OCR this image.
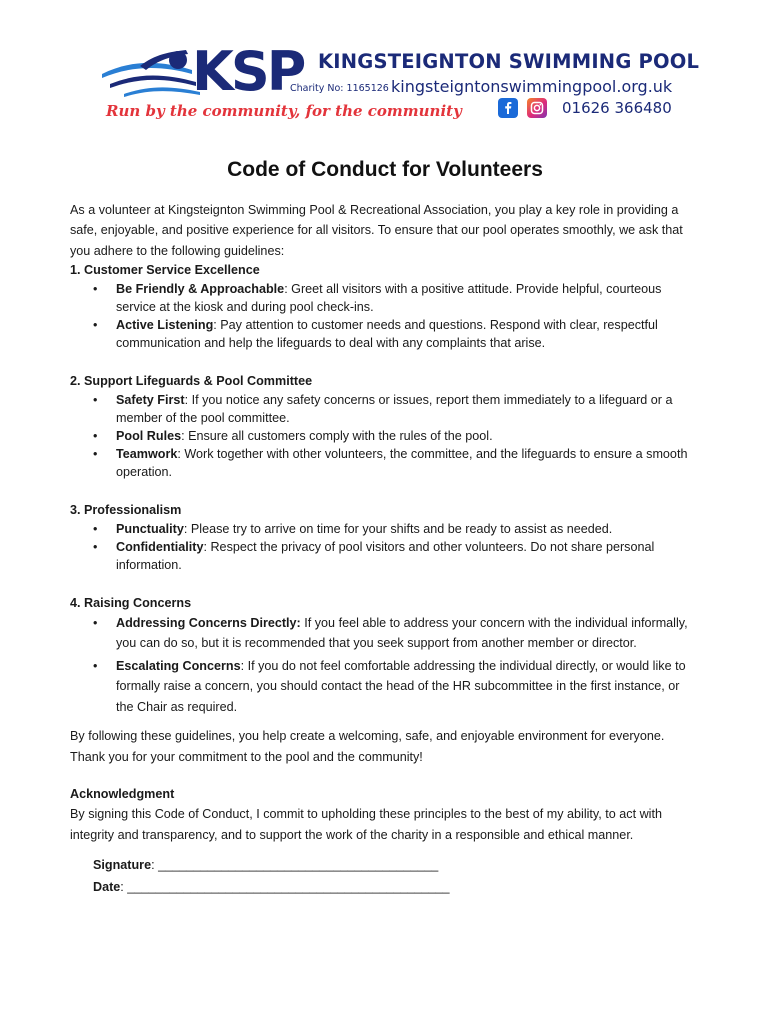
KSP KINGSTEIGNTON SWIMMING POOL
Charity No: 1165126 kingsteigntonswimmingpool.org.uk
Run by the community, for the community	01626 366480
Code of Conduct for Volunteers

As a volunteer at Kingsteignton Swimming Pool & Recreational Association, you play a key role in providing a safe, enjoyable, and positive experience for all visitors. To ensure that our pool operates smoothly, we ask that you adhere to the following guidelines:

1. Customer Service Excellence

• Be Friendly & Approachable: Greet all visitors with a positive attitude. Provide helpful, courteous service at the kiosk and during pool check-ins.
• Active Listening: Pay attention to customer needs and questions. Respond with clear, respectful communication and help the lifeguards to deal with any complaints that arise.

2. Support Lifeguards & Pool Committee

• Safety First: If you notice any safety concerns or issues, report them immediately to a lifeguard or a member of the pool committee.
• Pool Rules: Ensure all customers comply with the rules of the pool.
• Teamwork: Work together with other volunteers, the committee, and the lifeguards to ensure a smooth operation.

3. Professionalism

• Punctuality: Please try to arrive on time for your shifts and be ready to assist as needed.
• Confidentiality: Respect the privacy of pool visitors and other volunteers. Do not share personal information.

4. Raising Concerns

• Addressing Concerns Directly: If you feel able to address your concern with the individual informally, you can do so, but it is recommended that you seek support from another member or director.
• Escalating Concerns: If you do not feel comfortable addressing the individual directly, or would like to formally raise a concern, you should contact the head of the HR subcommittee in the first instance, or the Chair as required.

By following these guidelines, you help create a welcoming, safe, and enjoyable environment for everyone. Thank you for your commitment to the pool and the community!

Acknowledgment

By signing this Code of Conduct, I commit to upholding these principles to the best of my ability, to act with integrity and transparency, and to support the work of the charity in a responsible and ethical manner.

Signature: ________________________________________
Date: ______________________________________________
